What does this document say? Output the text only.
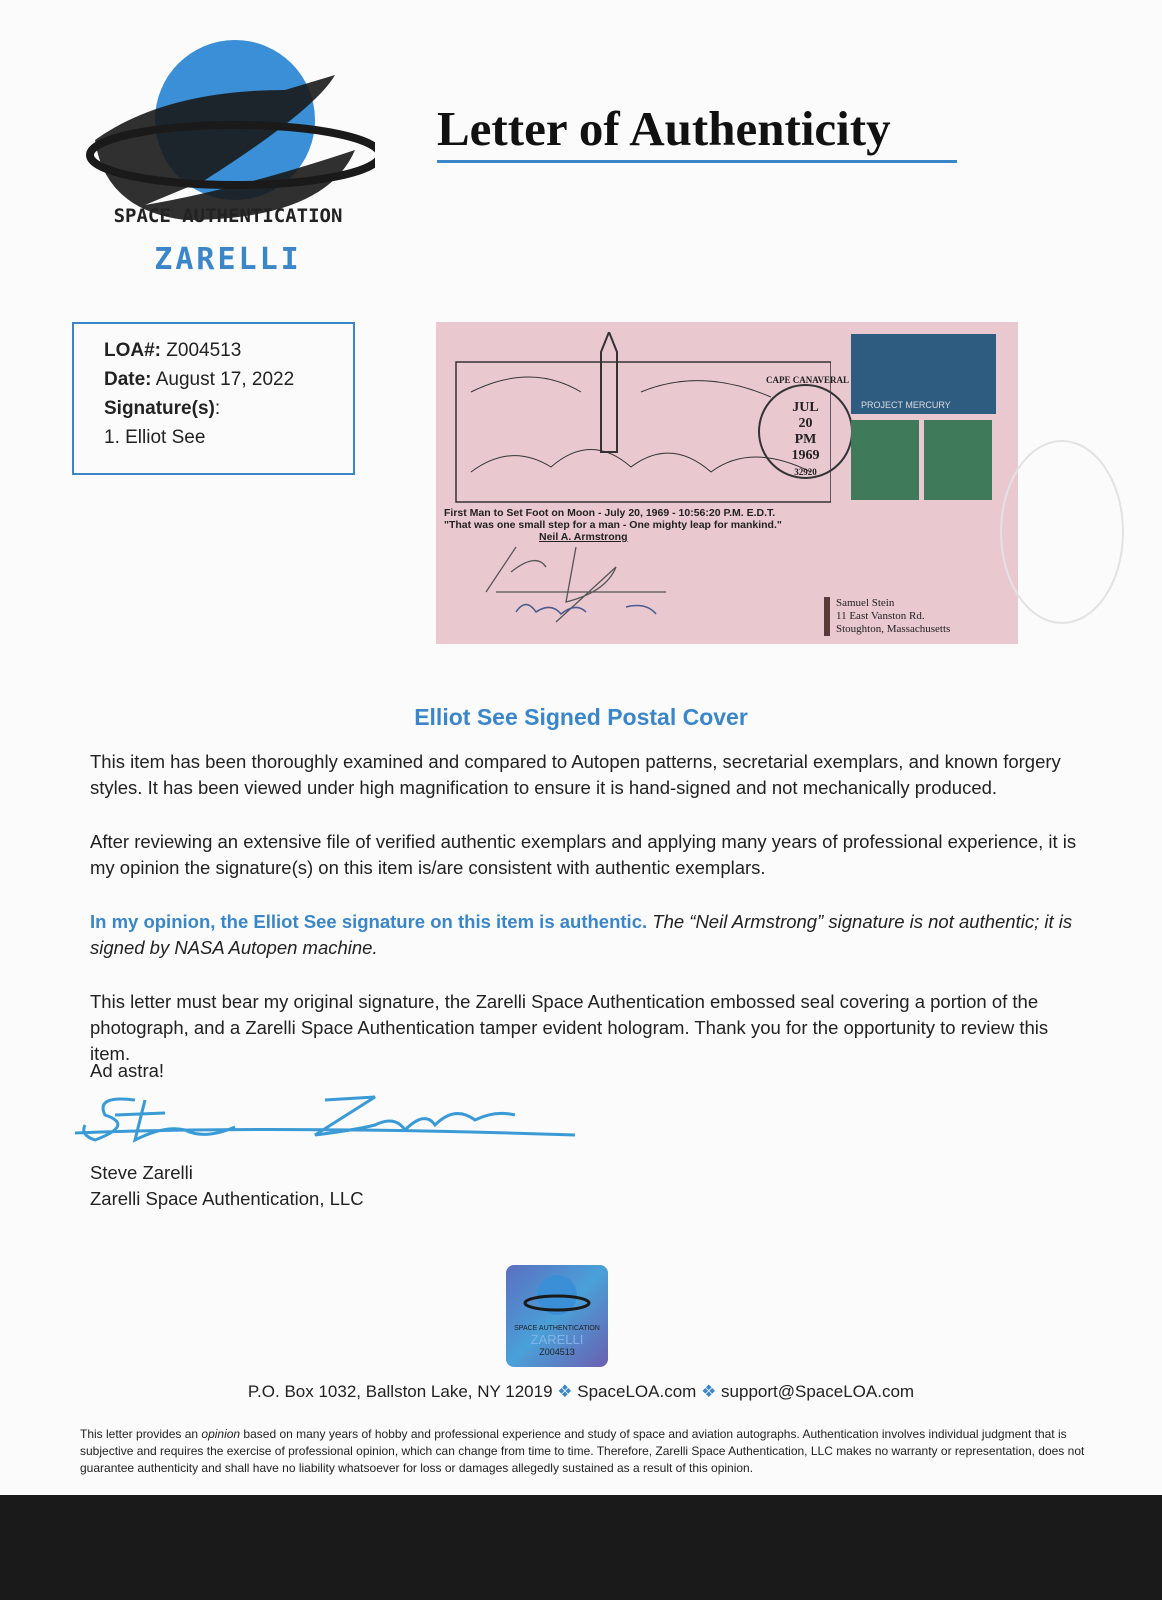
SPACE AUTHENTICATION
ZARELLI
Letter of Authenticity
LOA#: Z004513
Date: August 17, 2022
Signature(s):
1. Elliot See
JUL
20
PM
1969
32920
CAPE CANAVERAL
PROJECT MERCURY
First Man to Set Foot on Moon - July 20, 1969 - 10:56:20 P.M. E.D.T.
"That was one small step for a man - One mighty leap for mankind."
Neil A. Armstrong
Samuel Stein
11 East Vanston Rd.
Stoughton, Massachusetts
Elliot See Signed Postal Cover
This item has been thoroughly examined and compared to Autopen patterns, secretarial exemplars, and known forgery styles. It has been viewed under high magnification to ensure it is hand-signed and not mechanically produced.
After reviewing an extensive file of verified authentic exemplars and applying many years of professional experience, it is my opinion the signature(s) on this item is/are consistent with authentic exemplars.
In my opinion, the Elliot See signature on this item is authentic. The “Neil Armstrong” signature is not authentic; it is signed by NASA Autopen machine.
This letter must bear my original signature, the Zarelli Space Authentication embossed seal covering a portion of the photograph, and a Zarelli Space Authentication tamper evident hologram. Thank you for the opportunity to review this item.
Ad astra!
Steve Zarelli
Zarelli Space Authentication, LLC
SPACE AUTHENTICATION
ZARELLI
Z004513
P.O. Box 1032, Ballston Lake, NY 12019 ❖ SpaceLOA.com ❖ support@SpaceLOA.com
This letter provides an opinion based on many years of hobby and professional experience and study of space and aviation autographs. Authentication involves individual judgment that is subjective and requires the exercise of professional opinion, which can change from time to time. Therefore, Zarelli Space Authentication, LLC makes no warranty or representation, does not guarantee authenticity and shall have no liability whatsoever for loss or damages allegedly sustained as a result of this opinion.
